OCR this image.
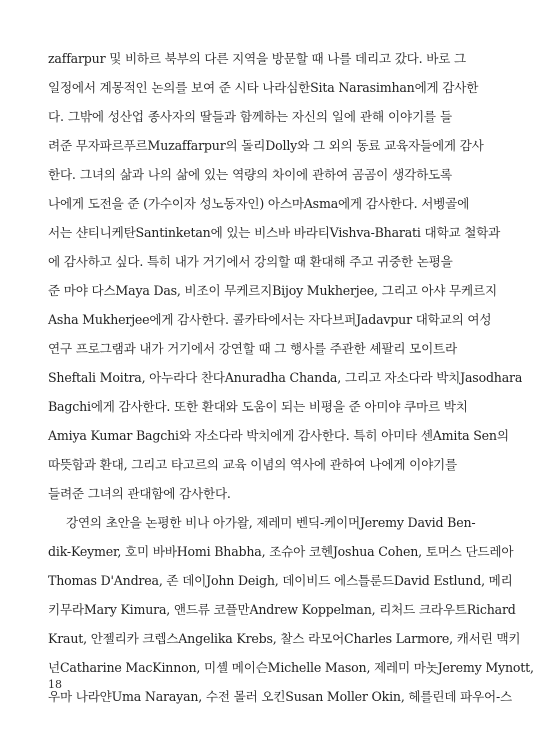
zaffarpur 및 비하르 북부의 다른 지역을 방문할 때 나를 데리고 갔다. 바로 그
일정에서 계몽적인 논의를 보여 준 시타 나라심한Sita Narasimhan에게 감사한
다. 그밖에 성산업 종사자의 딸들과 함께하는 자신의 일에 관해 이야기를 들
려준 무자파르푸르Muzaffarpur의 돌리Dolly와 그 외의 동료 교육자들에게 감사
한다. 그녀의 삶과 나의 삶에 있는 역량의 차이에 관하여 곰곰이 생각하도록
나에게 도전을 준 (가수이자 성노동자인) 아스마Asma에게 감사한다. 서벵골에
서는 샨티니케탄Santinketan에 있는 비스바 바라티Vishva-Bharati 대학교 철학과
에 감사하고 싶다. 특히 내가 거기에서 강의할 때 환대해 주고 귀중한 논평을
준 마야 다스Maya Das, 비조이 무케르지Bijoy Mukherjee, 그리고 아샤 무케르지
Asha Mukherjee에게 감사한다. 콜카타에서는 자다브퍼Jadavpur 대학교의 여성
연구 프로그램과 내가 거기에서 강연할 때 그 행사를 주관한 셰팔리 모이트라
Sheftali Moitra, 아누라다 찬다Anuradha Chanda, 그리고 자소다라 박치Jasodhara
Bagchi에게 감사한다. 또한 환대와 도움이 되는 비평을 준 아미야 쿠마르 박치
Amiya Kumar Bagchi와 자소다라 박치에게 감사한다. 특히 아미타 센Amita Sen의
따뜻함과 환대, 그리고 타고르의 교육 이념의 역사에 관하여 나에게 이야기를
들려준 그녀의 관대함에 감사한다.
강연의 초안을 논평한 비나 아가왈, 제레미 벤딕-케이머Jeremy David Ben-
dik-Keymer, 호미 바바Homi Bhabha, 조슈아 코헨Joshua Cohen, 토머스 단드레아
Thomas D'Andrea, 존 데이John Deigh, 데이비드 에스틀룬드David Estlund, 메리
키무라Mary Kimura, 앤드류 코플만Andrew Koppelman, 리처드 크라우트Richard
Kraut, 안젤리카 크렙스Angelika Krebs, 찰스 라모어Charles Larmore, 캐서린 맥키
넌Catharine MacKinnon, 미셸 메이슨Michelle Mason, 제레미 마놋Jeremy Mynott,
우마 나라얀Uma Narayan, 수전 몰러 오킨Susan Moller Okin, 헤를린데 파우어-스
18
